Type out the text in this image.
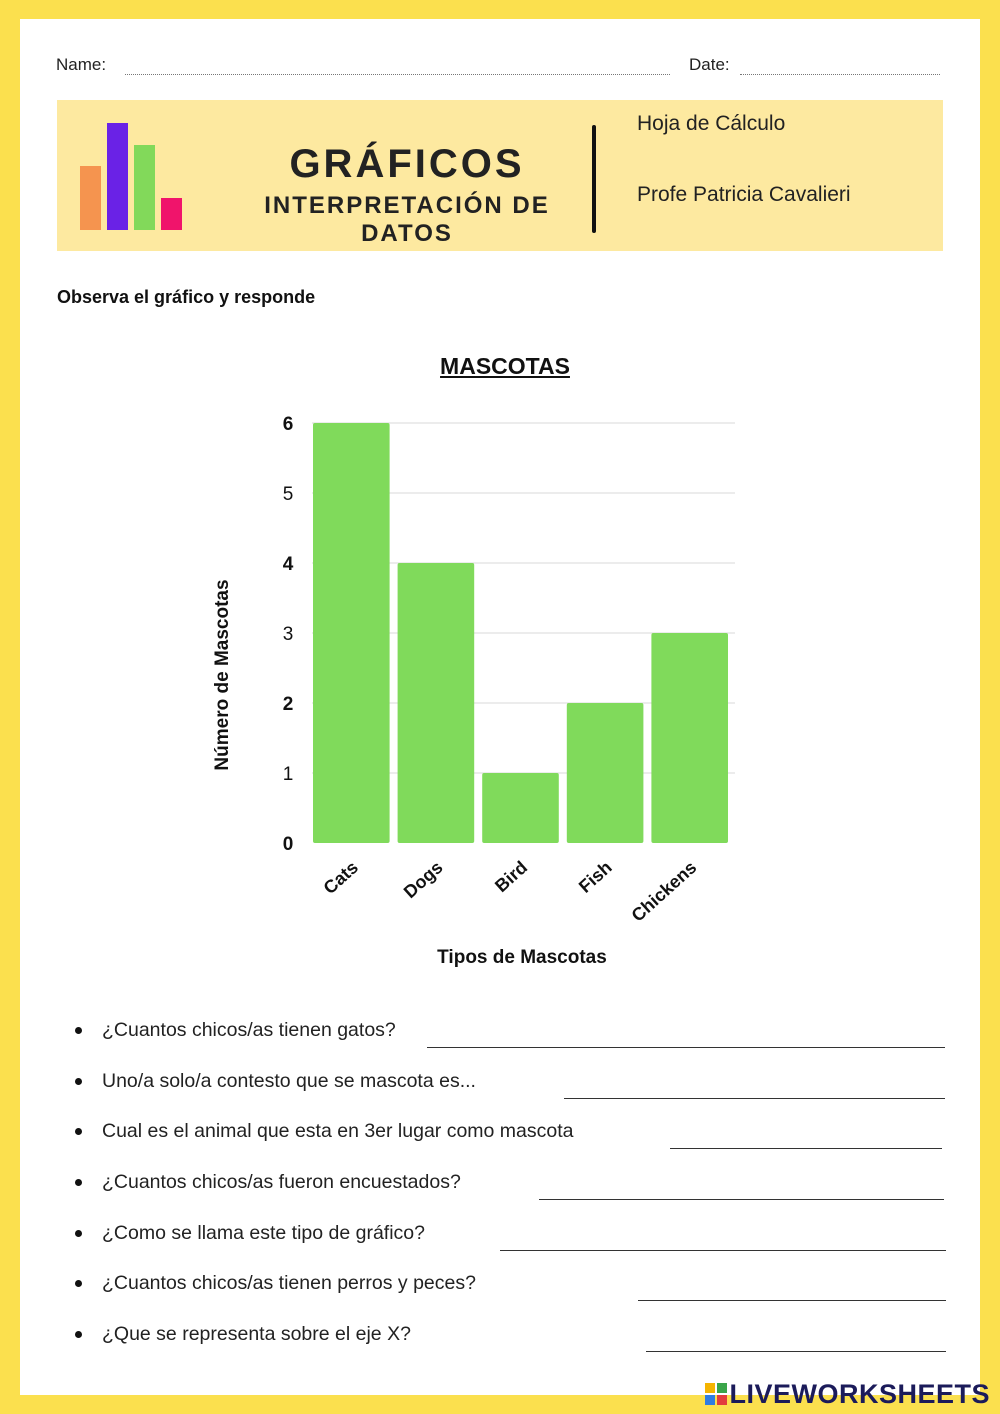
Name:	Date:
GRÁFICOS
INTERPRETACIÓN DE DATOS
Hoja de Cálculo
Profe Patricia Cavalieri
Observa el gráfico y responde
MASCOTAS
0
1
2
3
4
5
6
Cats Dogs Bird Fish Chickens
Tipos de Mascotas
Número de Mascotas
¿Cuantos chicos/as tienen gatos?
Uno/a solo/a contesto que se mascota es...
Cual es el animal que esta en 3er lugar como mascota
¿Cuantos chicos/as fueron encuestados?
¿Como se llama este tipo de gráfico?
¿Cuantos chicos/as tienen perros y peces?
¿Que se representa sobre el eje X?
LIVEWORKSHEETS
